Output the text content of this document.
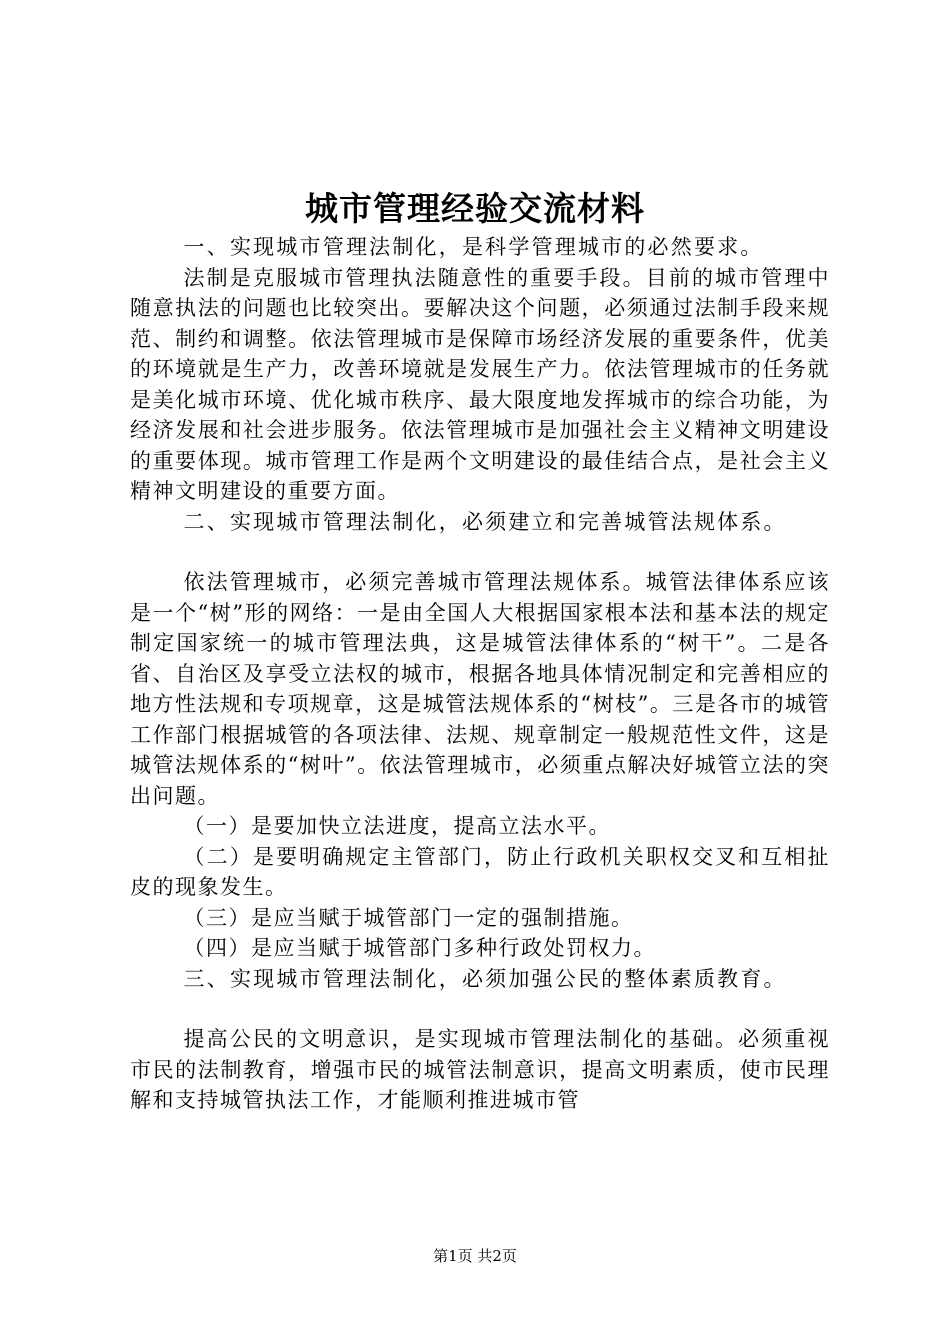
城市管理经验交流材料

一、实现城市管理法制化，是科学管理城市的必然要求。

法制是克服城市管理执法随意性的重要手段。目前的城市管理中随意执法的问题也比较突出。要解决这个问题，必须通过法制手段来规范、制约和调整。依法管理城市是保障市场经济发展的重要条件，优美的环境就是生产力，改善环境就是发展生产力。依法管理城市的任务就是美化城市环境、优化城市秩序、最大限度地发挥城市的综合功能，为经济发展和社会进步服务。依法管理城市是加强社会主义精神文明建设的重要体现。城市管理工作是两个文明建设的最佳结合点，是社会主义精神文明建设的重要方面。

二、实现城市管理法制化，必须建立和完善城管法规体系。

依法管理城市，必须完善城市管理法规体系。城管法律体系应该是一个“树”形的网络：一是由全国人大根据国家根本法和基本法的规定制定国家统一的城市管理法典，这是城管法律体系的“树干”。二是各省、自治区及享受立法权的城市，根据各地具体情况制定和完善相应的地方性法规和专项规章，这是城管法规体系的“树枝”。三是各市的城管工作部门根据城管的各项法律、法规、规章制定一般规范性文件，这是城管法规体系的“树叶”。依法管理城市，必须重点解决好城管立法的突出问题。

（一）是要加快立法进度，提高立法水平。

（二）是要明确规定主管部门，防止行政机关职权交叉和互相扯皮的现象发生。

（三）是应当赋于城管部门一定的强制措施。

（四）是应当赋于城管部门多种行政处罚权力。

三、实现城市管理法制化，必须加强公民的整体素质教育。

提高公民的文明意识，是实现城市管理法制化的基础。必须重视市民的法制教育，增强市民的城管法制意识，提高文明素质，使市民理解和支持城管执法工作，才能顺利推进城市管

第1页 共2页
